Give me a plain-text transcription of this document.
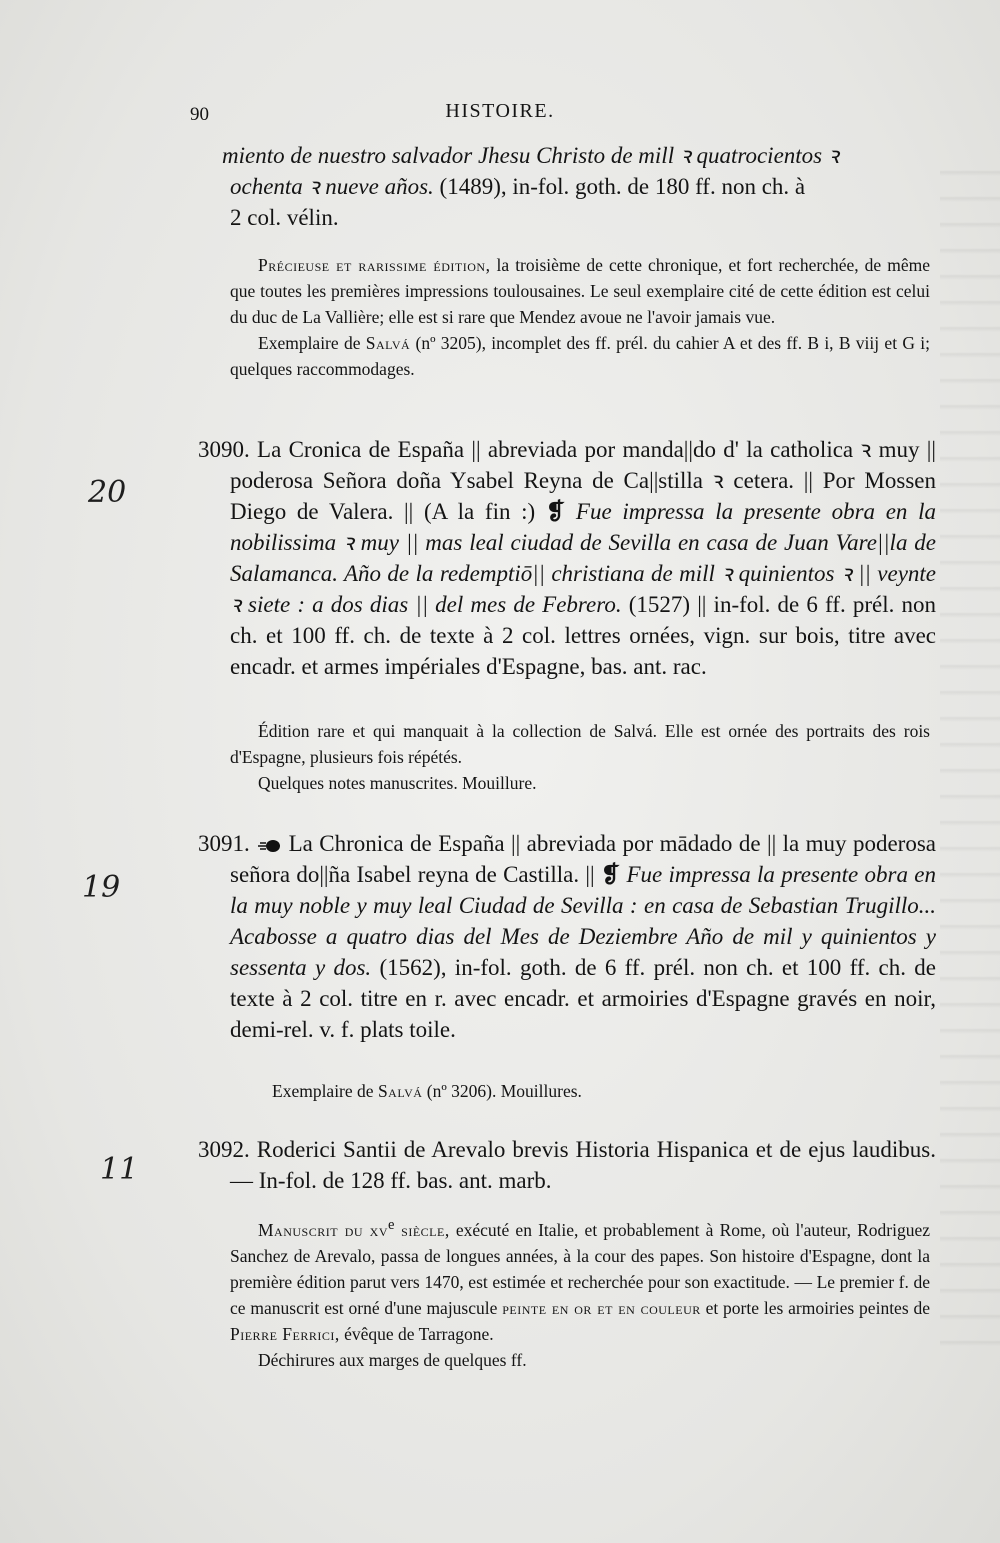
90	HISTOIRE.

miento de nuestro salvador Jhesu Christo de mill ꝛ quatrocientos ꝛ

ochenta ꝛ nueve años. (1489), in-fol. goth. de 180 ff. non ch. à

2 col. vélin.

Précieuse et rarissime édition, la troisième de cette chronique, et fort recherchée, de même que toutes les premières impressions toulousaines. Le seul exemplaire cité de cette édition est celui du duc de La Vallière; elle est si rare que Mendez avoue ne l'avoir jamais vue.

Exemplaire de Salvá (nº 3205), incomplet des ff. prél. du cahier A et des ff. B i, B viij et G i; quelques raccommodages.

20

3090. La Cronica de España || abreviada por manda||do d' la catholica ꝛ muy || poderosa Señora doña Ysabel Reyna de Ca||stilla ꝛ cetera. || Por Mossen Diego de Valera. || (A la fin :) ❡ Fue impressa la presente obra en la nobilissima ꝛ muy || mas leal ciudad de Sevilla en casa de Juan Vare||la de Salamanca. Año de la redemptiō|| christiana de mill ꝛ quinientos ꝛ || veynte ꝛ siete : a dos dias || del mes de Febrero. (1527) || in-fol. de 6 ff. prél. non ch. et 100 ff. ch. de texte à 2 col. lettres ornées, vign. sur bois, titre avec encadr. et armes impériales d'Espagne, bas. ant. rac.

Édition rare et qui manquait à la collection de Salvá. Elle est ornée des portraits des rois d'Espagne, plusieurs fois répétés.

Quelques notes manuscrites. Mouillure.

19

3091.  La Chronica de España || abreviada por mādado de || la muy poderosa señora do||ña Isabel reyna de Castilla. || ❡ Fue impressa la presente obra en la muy noble y muy leal Ciudad de Sevilla : en casa de Sebastian Trugillo... Acabosse a quatro dias del Mes de Deziembre Año de mil y quinientos y sessenta y dos. (1562), in-fol. goth. de 6 ff. prél. non ch. et 100 ff. ch. de texte à 2 col. titre en r. avec encadr. et armoiries d'Espagne gravés en noir, demi-rel. v. f. plats toile.

Exemplaire de Salvá (nº 3206). Mouillures.

11

3092. Roderici Santii de Arevalo brevis Historia Hispanica et de ejus laudibus. — In-fol. de 128 ff. bas. ant. marb.

Manuscrit du $xv^e$ siècle, exécuté en Italie, et probablement à Rome, où l'auteur, Rodriguez Sanchez de Arevalo, passa de longues années, à la cour des papes. Son histoire d'Espagne, dont la première édition parut vers 1470, est estimée et recherchée pour son exactitude. — Le premier f. de ce manuscrit est orné d'une majuscule peinte en or et en couleur et porte les armoiries peintes de Pierre Ferrici, évêque de Tarragone.

Déchirures aux marges de quelques ff.
